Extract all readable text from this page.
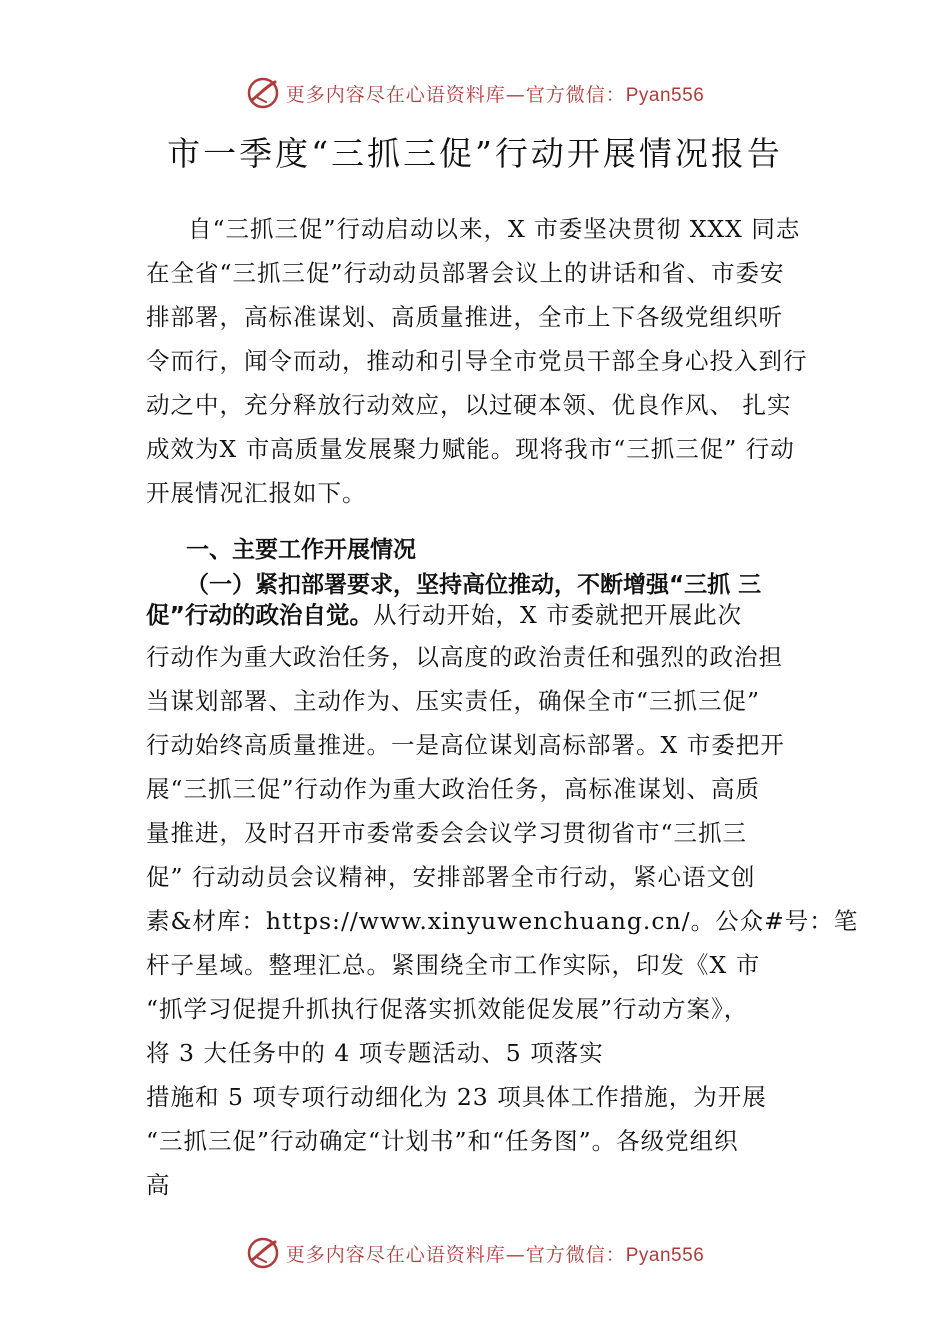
更多内容尽在心语资料库—官方微信：Pyan556
市一季度“三抓三促”行动开展情况报告
自“三抓三促”行动启动以来，X 市委坚决贯彻 XXX 同志
在全省“三抓三促”行动动员部署会议上的讲话和省、市委安
排部署，高标准谋划、高质量推进，全市上下各级党组织听
令而行，闻令而动，推动和引导全市党员干部全身心投入到行
动之中，充分释放行动效应，以过硬本领、优良作风、 扎实
成效为X 市高质量发展聚力赋能。现将我市“三抓三促” 行动
开展情况汇报如下。
一、主要工作开展情况
（一）紧扣部署要求，坚持高位推动，不断增强“三抓 三
促”行动的政治自觉。从行动开始，X 市委就把开展此次
行动作为重大政治任务，以高度的政治责任和强烈的政治担
当谋划部署、主动作为、压实责任，确保全市“三抓三促”
行动始终高质量推进。一是高位谋划高标部署。X 市委把开
展“三抓三促”行动作为重大政治任务，高标准谋划、高质
量推进，及时召开市委常委会会议学习贯彻省市“三抓三
促” 行动动员会议精神，安排部署全市行动，紧心语文创
素&材库：https://www.xinyuwenchuang.cn/。公众#号：笔
杆子星域。整理汇总。紧围绕全市工作实际，印发《X 市
“抓学习促提升抓执行促落实抓效能促发展”行动方案》，
将 3 大任务中的 4 项专题活动、5 项落实
措施和 5 项专项行动细化为 23 项具体工作措施，为开展
“三抓三促”行动确定“计划书”和“任务图”。各级党组织
高
更多内容尽在心语资料库—官方微信：Pyan556
